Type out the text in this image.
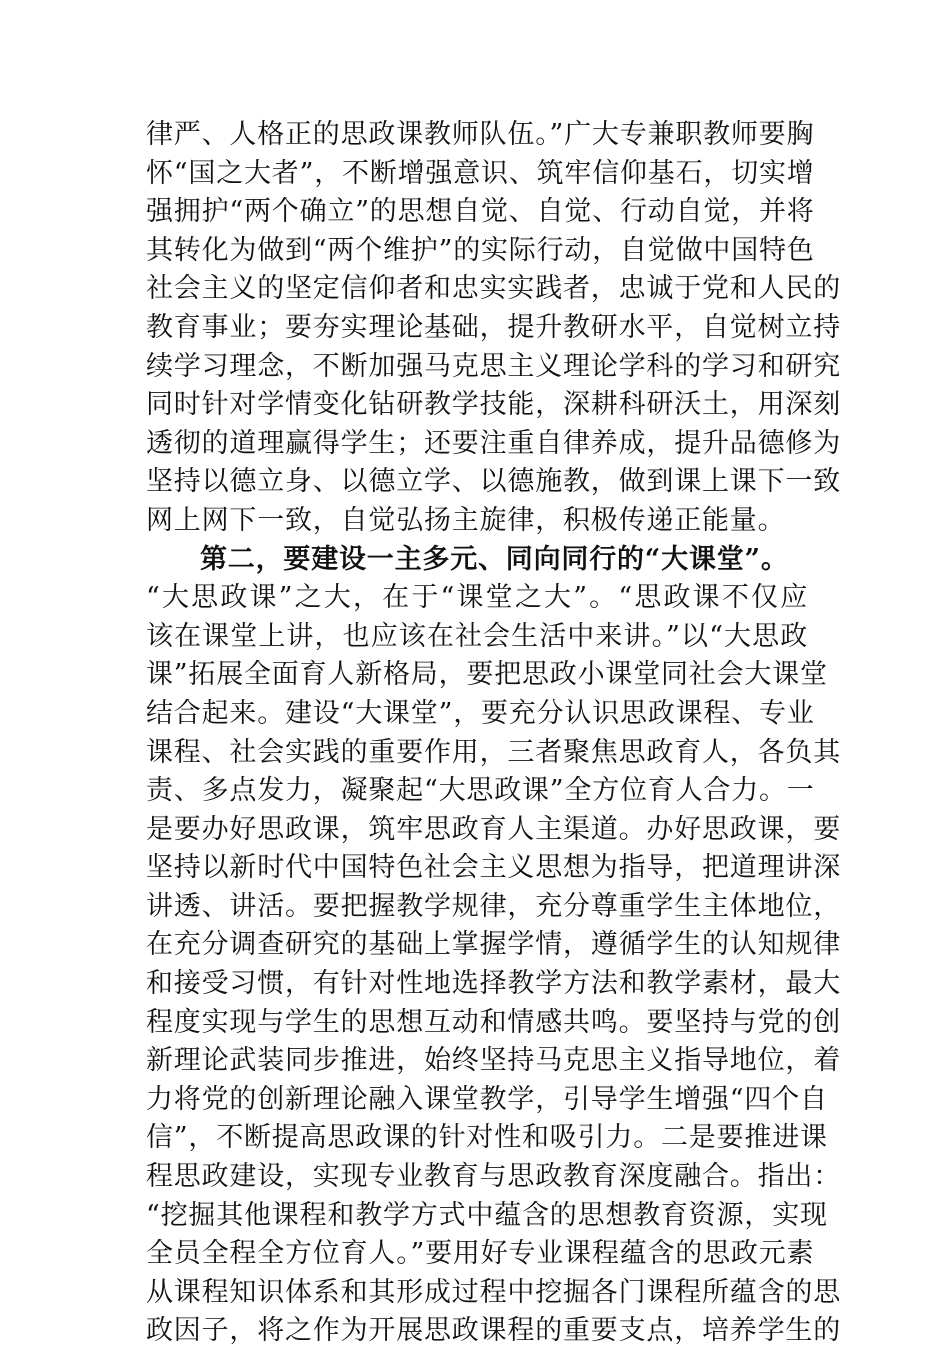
律严、人格正的思政课教师队伍。”广大专兼职教师要胸
怀“国之大者”，不断增强意识、筑牢信仰基石，切实增
强拥护“两个确立”的思想自觉、自觉、行动自觉，并将
其转化为做到“两个维护”的实际行动，自觉做中国特色
社会主义的坚定信仰者和忠实实践者，忠诚于党和人民的
教育事业；要夯实理论基础，提升教研水平，自觉树立持
续学习理念，不断加强马克思主义理论学科的学习和研究
同时针对学情变化钻研教学技能，深耕科研沃土，用深刻
透彻的道理赢得学生；还要注重自律养成，提升品德修为
坚持以德立身、以德立学、以德施教，做到课上课下一致
网上网下一致，自觉弘扬主旋律，积极传递正能量。
第二，要建设一主多元、同向同行的“大课堂”。
“大思政课”之大，在于“课堂之大”。“思政课不仅应
该在课堂上讲，也应该在社会生活中来讲。”以“大思政
课”拓展全面育人新格局，要把思政小课堂同社会大课堂
结合起来。建设“大课堂”，要充分认识思政课程、专业
课程、社会实践的重要作用，三者聚焦思政育人，各负其
责、多点发力，凝聚起“大思政课”全方位育人合力。一
是要办好思政课，筑牢思政育人主渠道。办好思政课，要
坚持以新时代中国特色社会主义思想为指导，把道理讲深
讲透、讲活。要把握教学规律，充分尊重学生主体地位，
在充分调查研究的基础上掌握学情，遵循学生的认知规律
和接受习惯，有针对性地选择教学方法和教学素材，最大
程度实现与学生的思想互动和情感共鸣。要坚持与党的创
新理论武装同步推进，始终坚持马克思主义指导地位，着
力将党的创新理论融入课堂教学，引导学生增强“四个自
信”，不断提高思政课的针对性和吸引力。二是要推进课
程思政建设，实现专业教育与思政教育深度融合。指出：
“挖掘其他课程和教学方式中蕴含的思想教育资源，实现
全员全程全方位育人。”要用好专业课程蕴含的思政元素
从课程知识体系和其形成过程中挖掘各门课程所蕴含的思
政因子，将之作为开展思政课程的重要支点，培养学生的
